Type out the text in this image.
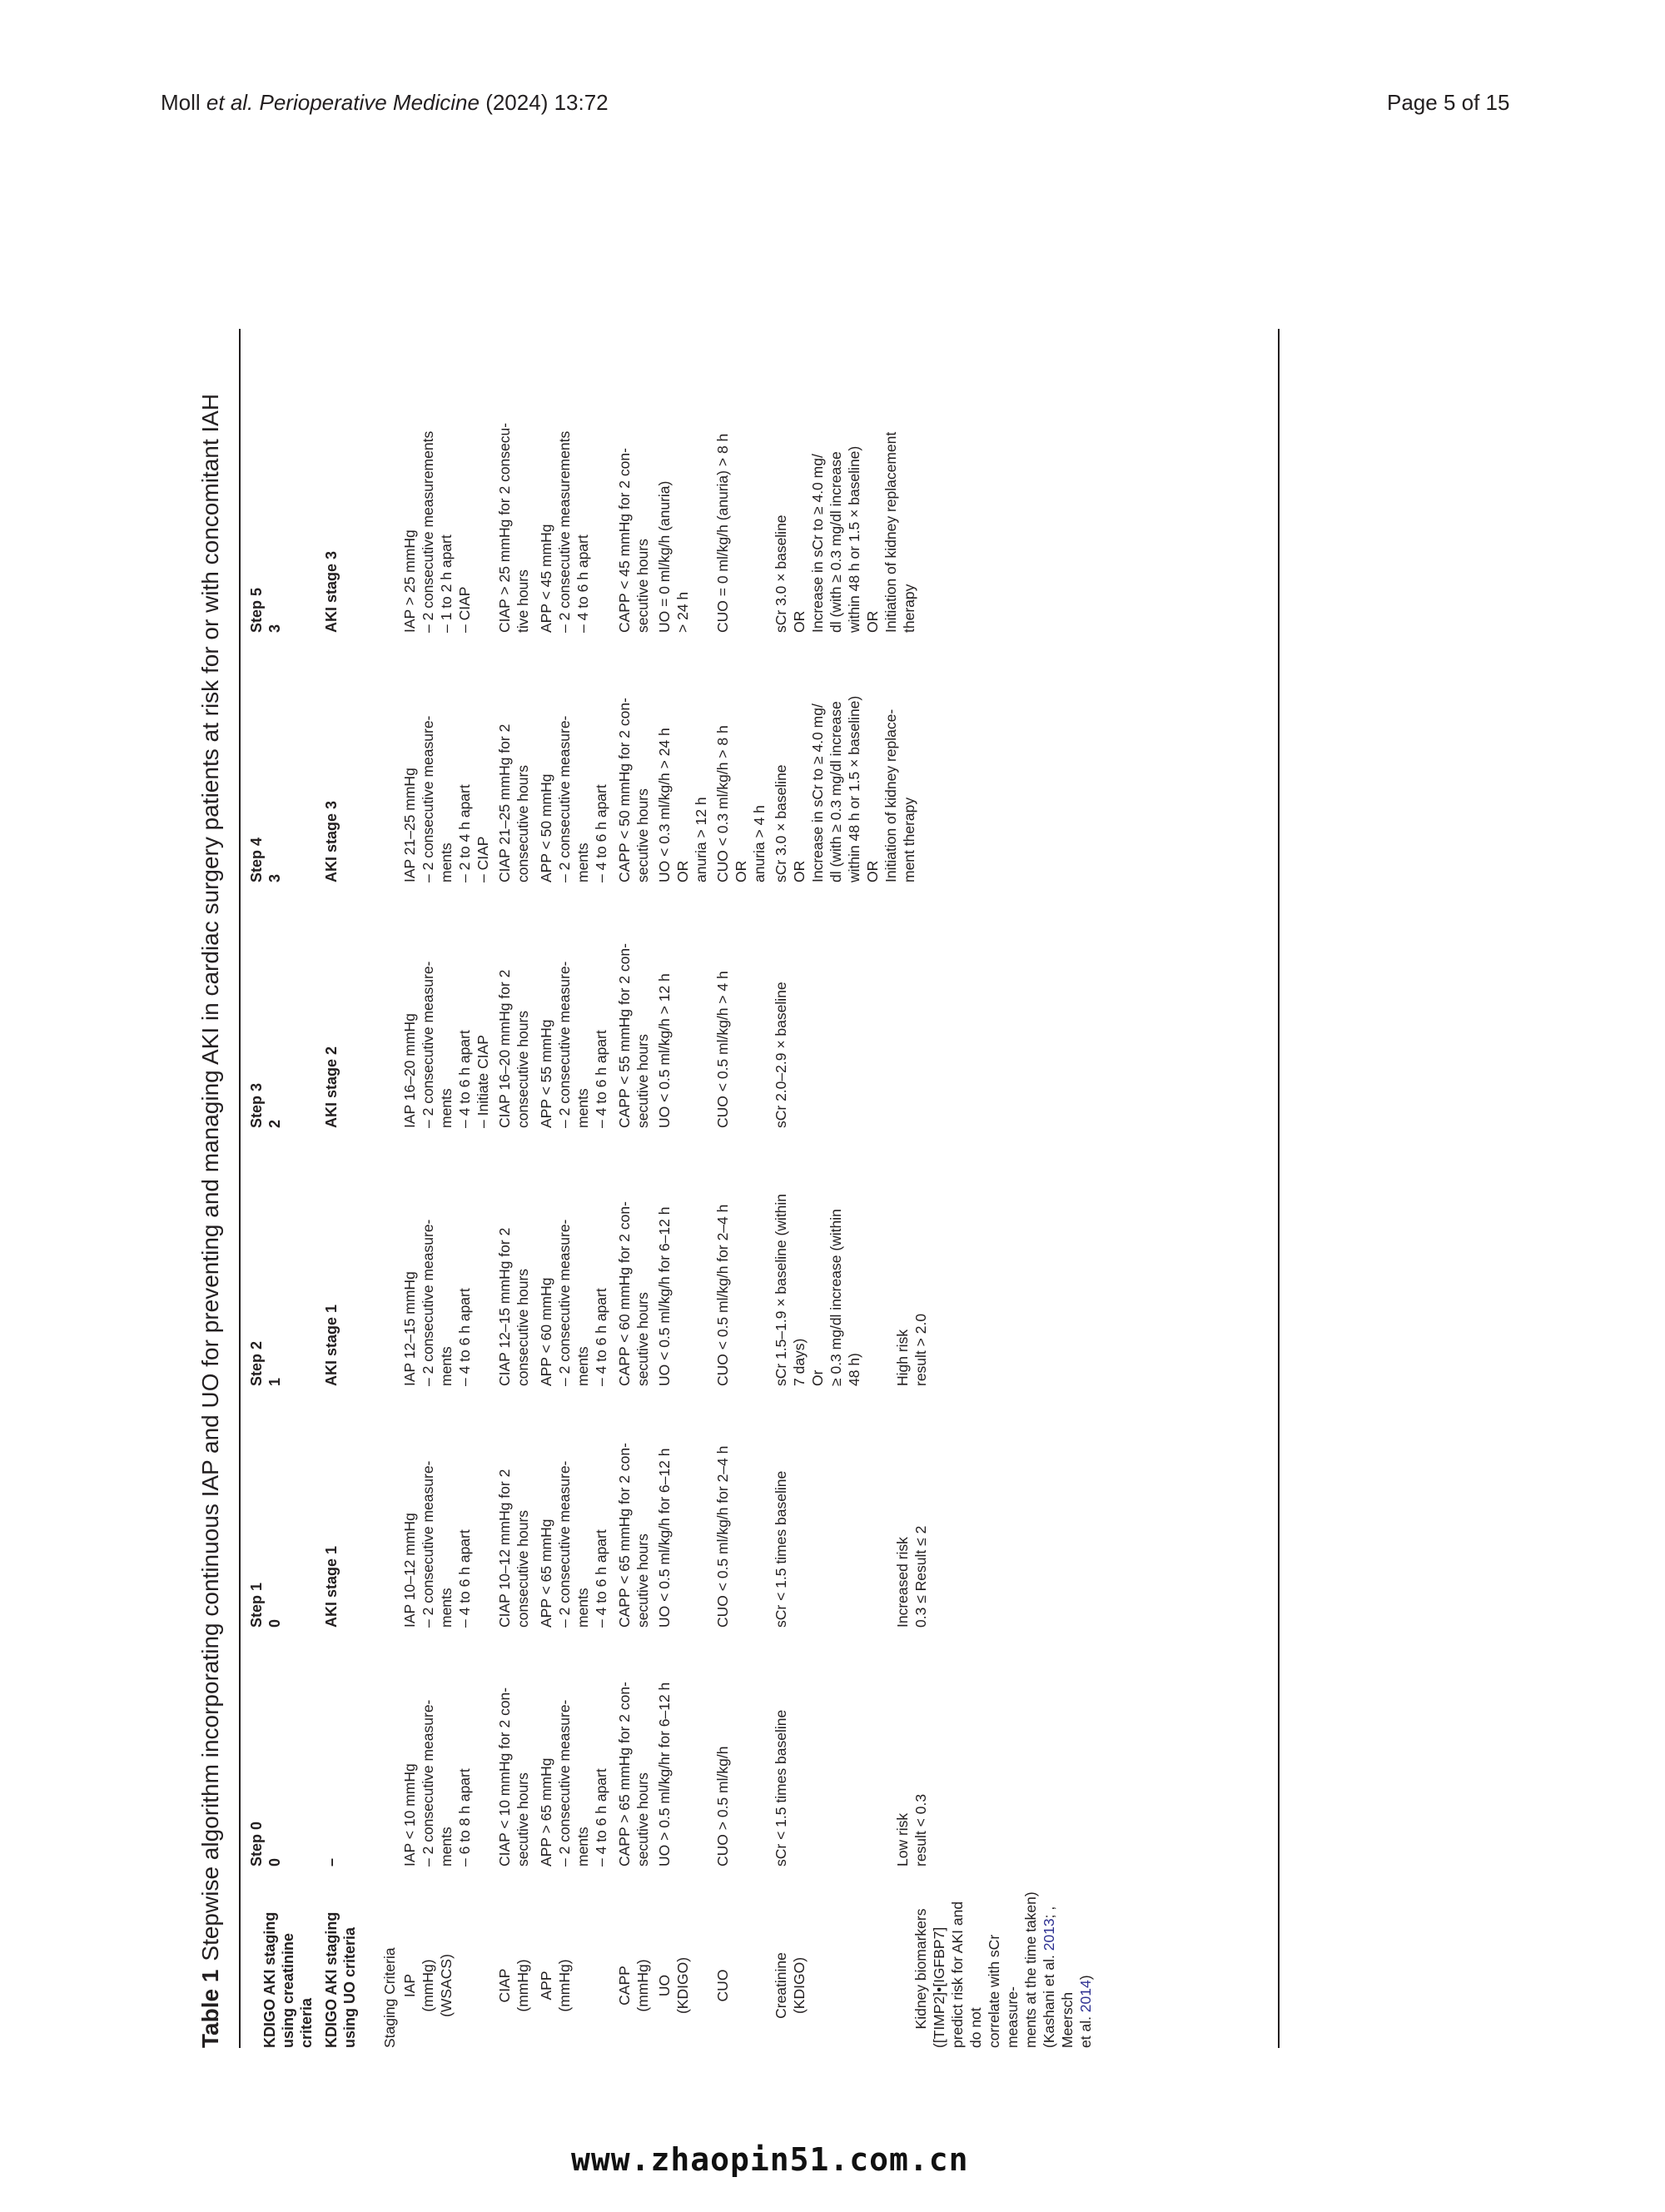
Moll et al. Perioperative Medicine (2024) 13:72	Page 5 of 15
Table 1Stepwise algorithm incorporating continuous IAP and UO for preventing and managing AKI in cardiac surgery patients at risk for or with concomitant IAH
KDIGO AKI staging using creatinine criteria
Step 0
0
Step 1
0
Step 2
1
Step 3
2
Step 4
3
Step 5
3
KDIGO AKI staging using UO criteria
–
AKI stage 1
AKI stage 1
AKI stage 2
AKI stage 3
AKI stage 3
Staging Criteria IAP
(mmHg)
(WSACS)
IAP < 10 mmHg
– 2 consecutive measure-
ments
– 6 to 8 h apart
IAP 10–12 mmHg
– 2 consecutive measure-
ments
– 4 to 6 h apart
IAP 12–15 mmHg
– 2 consecutive measure-
ments
– 4 to 6 h apart
IAP 16–20 mmHg
– 2 consecutive measure-
ments
– 4 to 6 h apart
– Initiate CIAP
IAP 21–25 mmHg
– 2 consecutive measure-
ments
– 2 to 4 h apart
– CIAP
IAP > 25 mmHg
– 2 consecutive measurements
– 1 to 2 h apart
– CIAP
CIAP
(mmHg)
CIAP < 10 mmHg for 2 con-
secutive hours
CIAP 10–12 mmHg for 2
consecutive hours
CIAP 12–15 mmHg for 2
consecutive hours
CIAP 16–20 mmHg for 2
consecutive hours
CIAP 21–25 mmHg for 2
consecutive hours
CIAP > 25 mmHg for 2 consecu-
tive hours
APP
(mmHg)
APP > 65 mmHg
– 2 consecutive measure-
ments
– 4 to 6 h apart
APP < 65 mmHg
– 2 consecutive measure-
ments
– 4 to 6 h apart
APP < 60 mmHg
– 2 consecutive measure-
ments
– 4 to 6 h apart
APP < 55 mmHg
– 2 consecutive measure-
ments
– 4 to 6 h apart
APP < 50 mmHg
– 2 consecutive measure-
ments
– 4 to 6 h apart
APP < 45 mmHg
– 2 consecutive measurements
– 4 to 6 h apart
CAPP
(mmHg)
CAPP > 65 mmHg for 2 con-
secutive hours
CAPP < 65 mmHg for 2 con-
secutive hours
CAPP < 60 mmHg for 2 con-
secutive hours
CAPP < 55 mmHg for 2 con-
secutive hours
CAPP < 50 mmHg for 2 con-
secutive hours
CAPP < 45 mmHg for 2 con-
secutive hours
UO
(KDIGO)
UO > 0.5 ml/kg/hr for 6–12 h
UO < 0.5 ml/kg/h for 6–12 h
UO < 0.5 ml/kg/h for 6–12 h
UO < 0.5 ml/kg/h > 12 h
UO < 0.3 ml/kg/h > 24 h
OR
anuria > 12 h
UO = 0 ml/kg/h (anuria)
> 24 h
CUO
CUO > 0.5 ml/kg/h
CUO < 0.5 ml/kg/h for 2–4 h
CUO < 0.5 ml/kg/h for 2–4 h
CUO < 0.5 ml/kg/h > 4 h
CUO < 0.3 ml/kg/h > 8 h
OR
anuria > 4 h
CUO = 0 ml/kg/h (anuria) > 8 h
Creatinine
(KDIGO)
sCr < 1.5 times baseline
sCr < 1.5 times baseline
sCr 1.5–1.9 × baseline (within
7 days)
Or
≥ 0.3 mg/dl increase (within
48 h)
sCr 2.0–2.9 × baseline
sCr 3.0 × baseline
OR
Increase in sCr to ≥ 4.0 mg/
dl (with ≥ 0.3 mg/dl increase
within 48 h or 1.5 × baseline)
OR
Initiation of kidney replace-
ment therapy
sCr 3.0 × baseline
OR
Increase in sCr to ≥ 4.0 mg/
dl (with ≥ 0.3 mg/dl increase
within 48 h or 1.5 × baseline)
OR
Initiation of kidney replacement
therapy

Kidney biomarkers ([TIMP2]•[IGFBP7]
predict risk for AKI and do not
correlate with sCr measure-
ments at the time taken)
(Kashani et al. 2013; , Meersch
et al. 2014)

Low risk
result < 0.3
Increased risk
0.3 ≤ Result ≤ 2
High risk
result > 2.0
www.zhaopin51.com.cn
